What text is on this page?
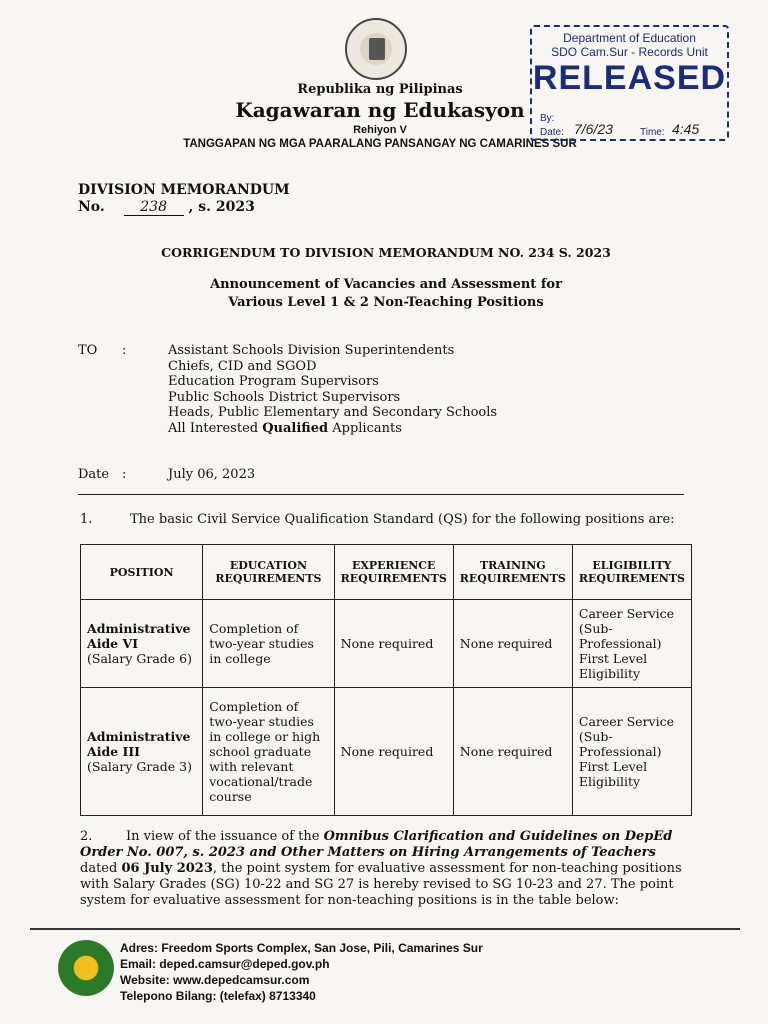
Republika ng Pilipinas
Kagawaran ng Edukasyon
Rehiyon V
TANGGAPAN NG MGA PAARALANG PANSANGAY NG CAMARINES SUR
Department of Education
SDO Cam.Sur - Records Unit
RELEASED
By:
Date: 7/6/23	Time: 4:45
DIVISION MEMORANDUM
No.	238 , s. 2023
CORRIGENDUM TO DIVISION MEMORANDUM NO. 234 S. 2023
Announcement of Vacancies and Assessment for
Various Level 1 & 2 Non-Teaching Positions
TO :	Assistant Schools Division Superintendents
Chiefs, CID and SGOD
Education Program Supervisors
Public Schools District Supervisors
Heads, Public Elementary and Secondary Schools
All Interested Qualified Applicants
Date :	July 06, 2023
1.	The basic Civil Service Qualification Standard (QS) for the following positions are:
POSITION	EDUCATION REQUIREMENTS	EXPERIENCE REQUIREMENTS	TRAINING REQUIREMENTS	ELIGIBILITY REQUIREMENTS

Administrative Aide VI
(Salary Grade 6)	Completion of two-year studies in college	None required	None required	Career Service (Sub-Professional) First Level Eligibility

Administrative Aide III
(Salary Grade 3)	Completion of two-year studies in college or high school graduate with relevant vocational/trade course	None required	None required	Career Service (Sub-Professional) First Level Eligibility
2.	In view of the issuance of the Omnibus Clarification and Guidelines on DepEd Order No. 007, s. 2023 and Other Matters on Hiring Arrangements of Teachers dated 06 July 2023, the point system for evaluative assessment for non-teaching positions with Salary Grades (SG) 10-22 and SG 27 is hereby revised to SG 10-23 and 27. The point system for evaluative assessment for non-teaching positions is in the table below:
Adres: Freedom Sports Complex, San Jose, Pili, Camarines Sur
Email: deped.camsur@deped.gov.ph
Website: www.depedcamsur.com
Telepono Bilang: (telefax) 8713340
